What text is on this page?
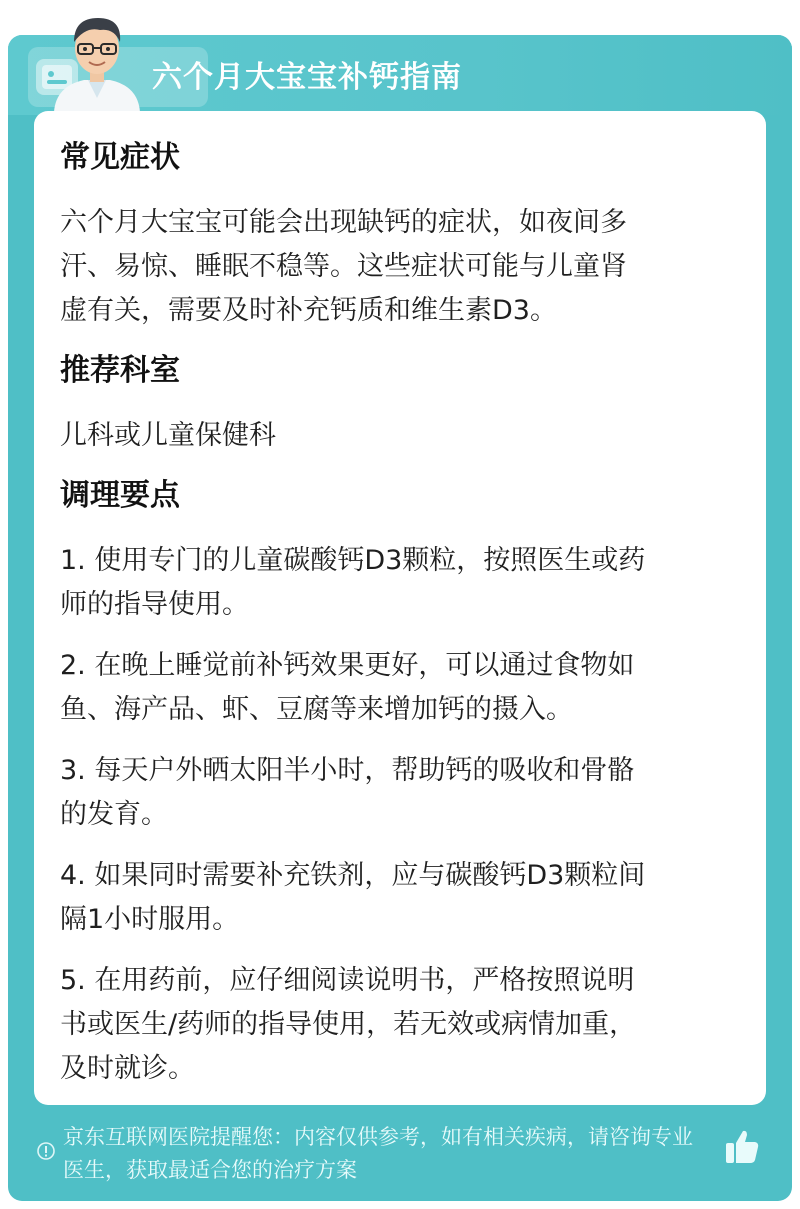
六个月大宝宝补钙指南
常见症状
六个月大宝宝可能会出现缺钙的症状，如夜间多
汗、易惊、睡眠不稳等。这些症状可能与儿童肾
虚有关，需要及时补充钙质和维生素D3。
推荐科室
儿科或儿童保健科
调理要点
1. 使用专门的儿童碳酸钙D3颗粒，按照医生或药
师的指导使用。
2. 在晚上睡觉前补钙效果更好，可以通过食物如
鱼、海产品、虾、豆腐等来增加钙的摄入。
3. 每天户外晒太阳半小时，帮助钙的吸收和骨骼
的发育。
4. 如果同时需要补充铁剂，应与碳酸钙D3颗粒间
隔1小时服用。
5. 在用药前，应仔细阅读说明书，严格按照说明
书或医生/药师的指导使用，若无效或病情加重，
及时就诊。
京东互联网医院提醒您：内容仅供参考，如有相关疾病，请咨询专业
医生，获取最适合您的治疗方案
